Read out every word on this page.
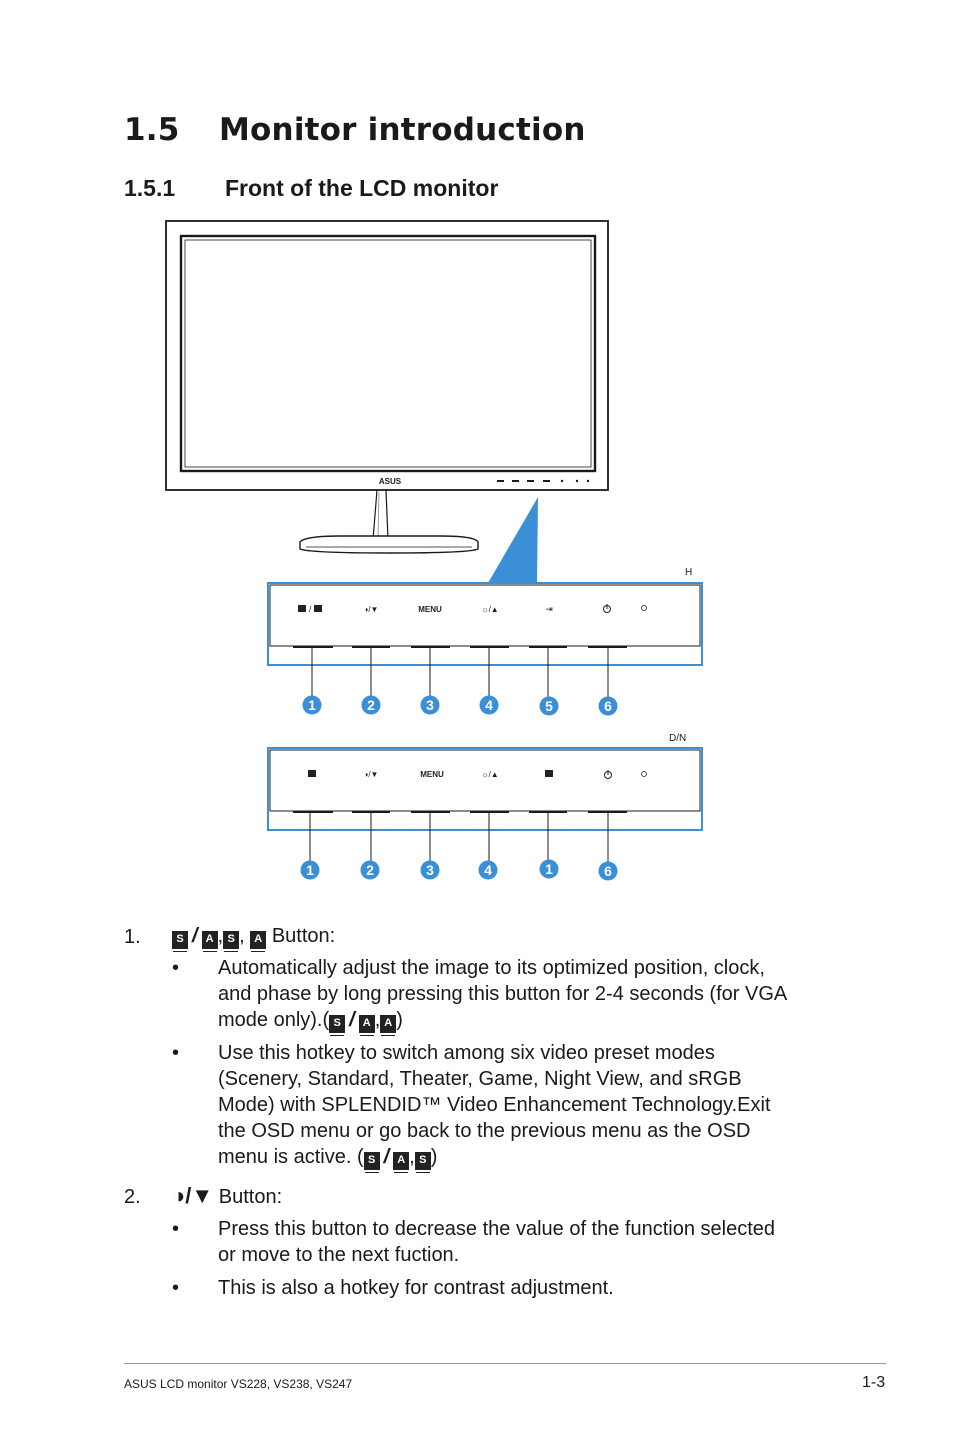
1.5 Monitor introduction
1.5.1 Front of the LCD monitor
ASUS
H
/	◑/▼	MENU	☼/▲	⇥
1	2	3	4	5	6
D/N
◑/▼	MENU	☼/▲
1	2	3	4	1	6
1.	S / A , S , A Button:
• Automatically adjust the image to its optimized position, clock,
and phase by long pressing this button for 2-4 seconds (for VGA
mode only).( S / A , A )
• Use this hotkey to switch among six video preset modes
(Scenery, Standard, Theater, Game, Night View, and sRGB
Mode) with SPLENDID™ Video Enhancement Technology.Exit
the OSD menu or go back to the previous menu as the OSD
menu is active. ( S / A , S )
2. ◑/▼ Button:
• Press this button to decrease the value of the function selected
or move to the next fuction.
• This is also a hotkey for contrast adjustment.
ASUS LCD monitor VS228, VS238, VS247	1-3
